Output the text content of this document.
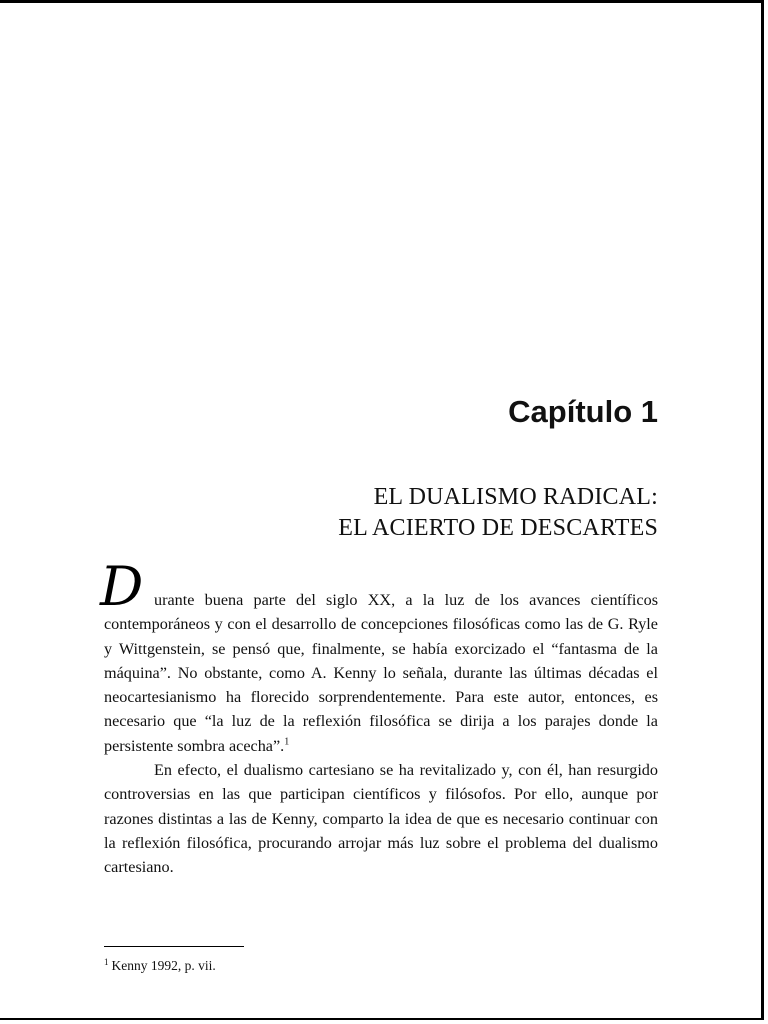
Capítulo 1
EL DUALISMO RADICAL:
EL ACIERTO DE DESCARTES
D urante buena parte del siglo XX, a la luz de los avances científicos contemporáneos y con el desarrollo de concepciones filosóficas como las de G. Ryle y Wittgenstein, se pensó que, finalmente, se había exorcizado el “fantasma de la máquina”. No obstante, como A. Kenny lo señala, durante las últimas décadas el neocartesianismo ha florecido sorprendentemente. Para este autor, entonces, es necesario que “la luz de la reflexión filosófica se dirija a los parajes donde la persistente sombra acecha”.$^1$

En efecto, el dualismo cartesiano se ha revitalizado y, con él, han resurgido controversias en las que participan científicos y filósofos. Por ello, aunque por razones distintas a las de Kenny, comparto la idea de que es necesario continuar con la reflexión filosófica, procurando arrojar más luz sobre el problema del dualismo cartesiano.

$^1$ Kenny 1992, p. vii.
